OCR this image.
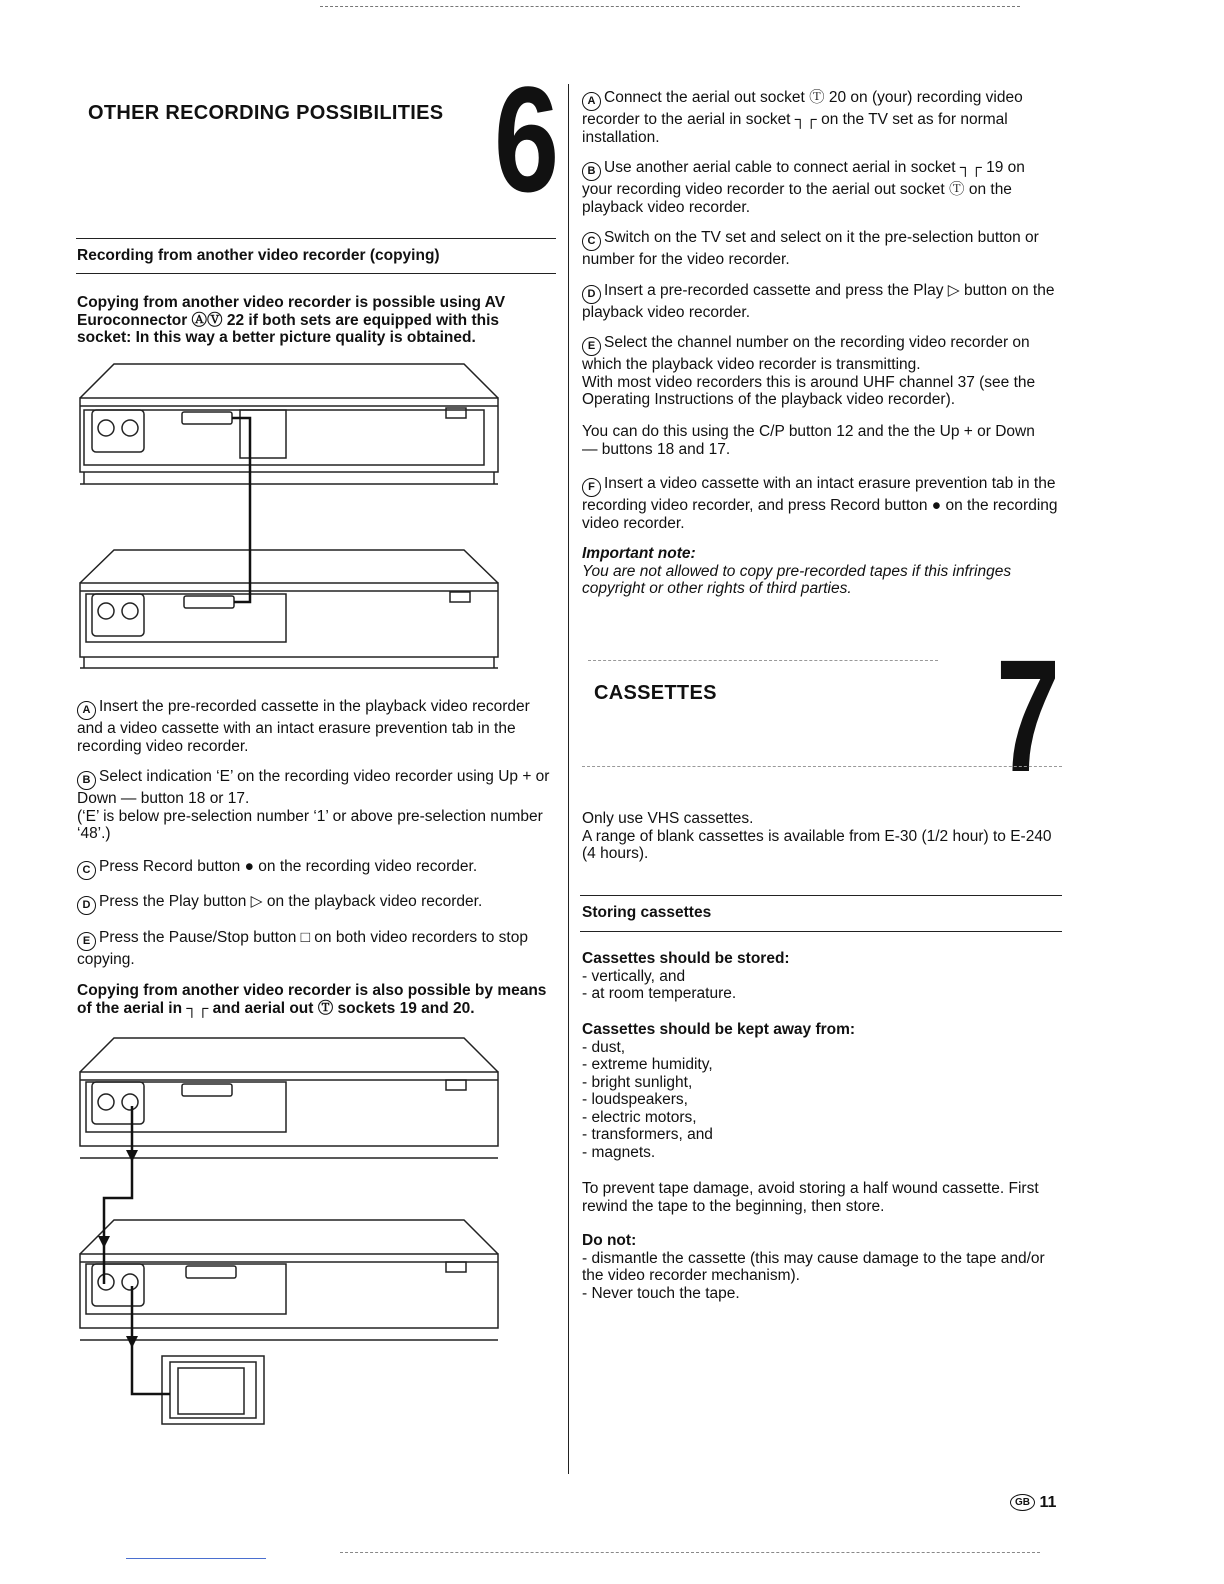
OTHER RECORDING POSSIBILITIES 6
Recording from another video recorder (copying)

Copying from another video recorder is possible using AV Euroconnector ⒶⓋ 22 if both sets are equipped with this socket: In this way a better picture quality is obtained.

A Insert the pre-recorded cassette in the playback video recorder and a video cassette with an intact erasure prevention tab in the recording video recorder.

B Select indication ‘E’ on the recording video recorder using Up + or Down — button 18 or 17.
(‘E’ is below pre-selection number ‘1’ or above pre-selection number ‘48’.)

C Press Record button ● on the recording video recorder.

D Press the Play button ▷ on the playback video recorder.

E Press the Pause/Stop button □ on both video recorders to stop copying.

Copying from another video recorder is also possible by means of the aerial in ┐┌ and aerial out Ⓣ sockets 19 and 20.

A Connect the aerial out socket Ⓣ 20 on (your) recording video recorder to the aerial in socket ┐┌ on the TV set as for normal installation.

B Use another aerial cable to connect aerial in socket ┐┌ 19 on your recording video recorder to the aerial out socket Ⓣ on the playback video recorder.

C Switch on the TV set and select on it the pre-selection button or number for the video recorder.

D Insert a pre-recorded cassette and press the Play ▷ button on the playback video recorder.

E Select the channel number on the recording video recorder on which the playback video recorder is transmitting.
With most video recorders this is around UHF channel 37 (see the Operating Instructions of the playback video recorder).

You can do this using the C/P button 12 and the the Up + or Down — buttons 18 and 17.

F Insert a video cassette with an intact erasure prevention tab in the recording video recorder, and press Record button ● on the recording video recorder.

Important note:
You are not allowed to copy pre-recorded tapes if this infringes copyright or other rights of third parties.

CASSETTES 7

Only use VHS cassettes.
A range of blank cassettes is available from E-30 (1/2 hour) to E-240 (4 hours).

Storing cassettes
Cassettes should be stored:
- vertically, and
- at room temperature.
Cassettes should be kept away from:
- dust,
- extreme humidity,
- bright sunlight,
- loudspeakers,
- electric motors,
- transformers, and
- magnets.

To prevent tape damage, avoid storing a half wound cassette. First rewind the tape to the beginning, then store.

Do not:
- dismantle the cassette (this may cause damage to the tape and/or the video recorder mechanism).
- Never touch the tape.
GB 11
